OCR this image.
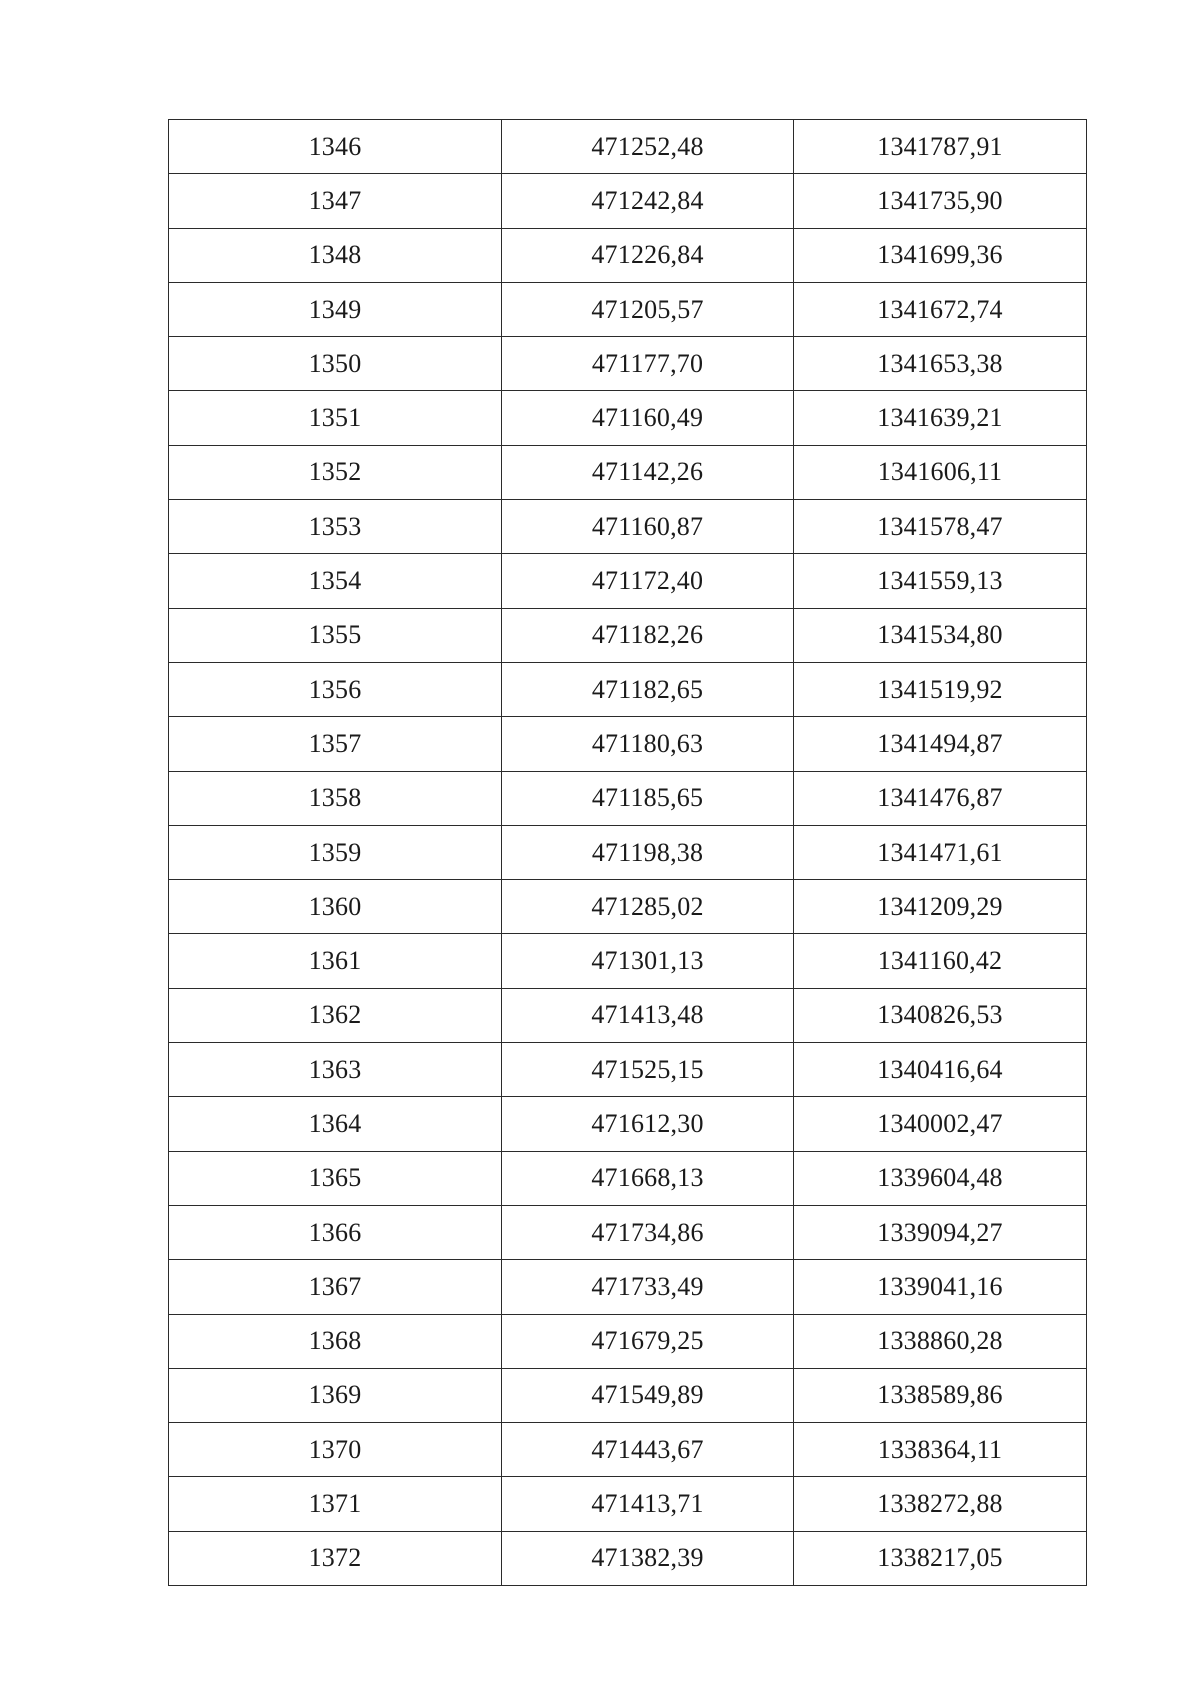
1346	471252,48	1341787,91
1347	471242,84	1341735,90
1348	471226,84	1341699,36
1349	471205,57	1341672,74
1350	471177,70	1341653,38
1351	471160,49	1341639,21
1352	471142,26	1341606,11
1353	471160,87	1341578,47
1354	471172,40	1341559,13
1355	471182,26	1341534,80
1356	471182,65	1341519,92
1357	471180,63	1341494,87
1358	471185,65	1341476,87
1359	471198,38	1341471,61
1360	471285,02	1341209,29
1361	471301,13	1341160,42
1362	471413,48	1340826,53
1363	471525,15	1340416,64
1364	471612,30	1340002,47
1365	471668,13	1339604,48
1366	471734,86	1339094,27
1367	471733,49	1339041,16
1368	471679,25	1338860,28
1369	471549,89	1338589,86
1370	471443,67	1338364,11
1371	471413,71	1338272,88
1372	471382,39	1338217,05
